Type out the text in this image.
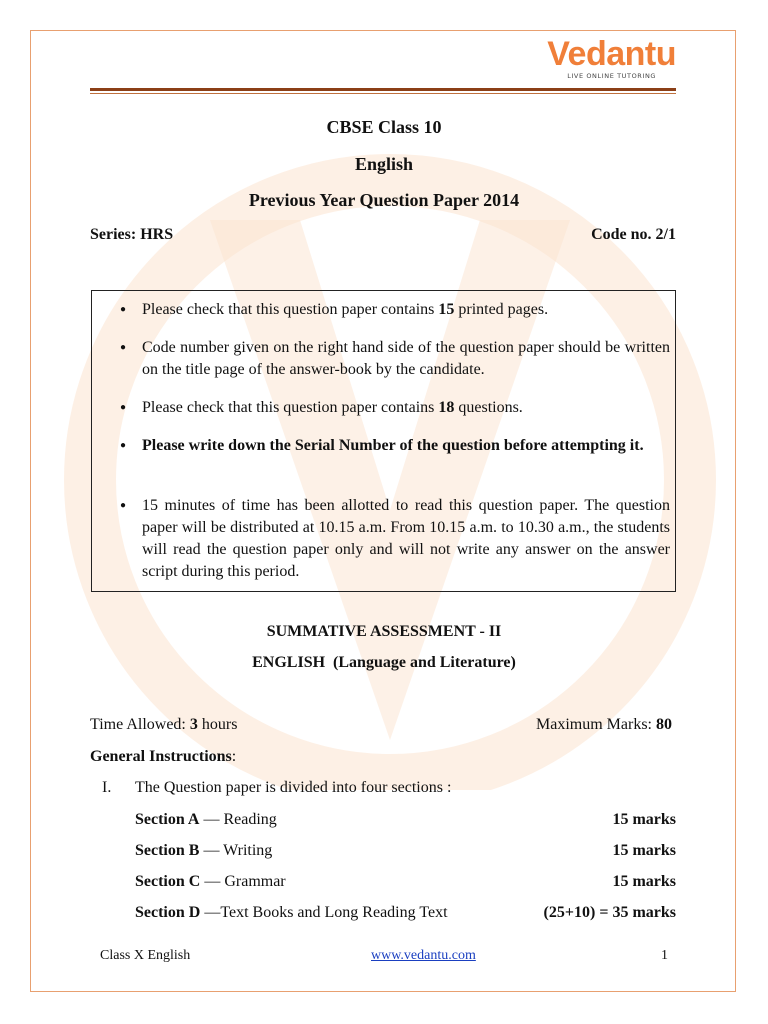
Vedantu
LIVE ONLINE TUTORING
CBSE Class 10
English
Previous Year Question Paper 2014
Series: HRS	Code no. 2/1
● Please check that this question paper contains 15 printed pages.
● Code number given on the right hand side of the question paper should be written on the title page of the answer-book by the candidate.
● Please check that this question paper contains 18 questions.
● Please write down the Serial Number of the question before attempting it.
● 15 minutes of time has been allotted to read this question paper. The question paper will be distributed at 10.15 a.m. From 10.15 a.m. to 10.30 a.m., the students will read the question paper only and will not write any answer on the answer script during this period.
SUMMATIVE ASSESSMENT - II
ENGLISH  (Language and Literature)
Time Allowed: 3 hours	Maximum Marks: 80
General Instructions:
I. The Question paper is divided into four sections :
Section A — Reading	15 marks
Section B — Writing	15 marks
Section C — Grammar	15 marks
Section D —Text Books and Long Reading Text	(25+10) = 35 marks
Class X English	www.vedantu.com	1
